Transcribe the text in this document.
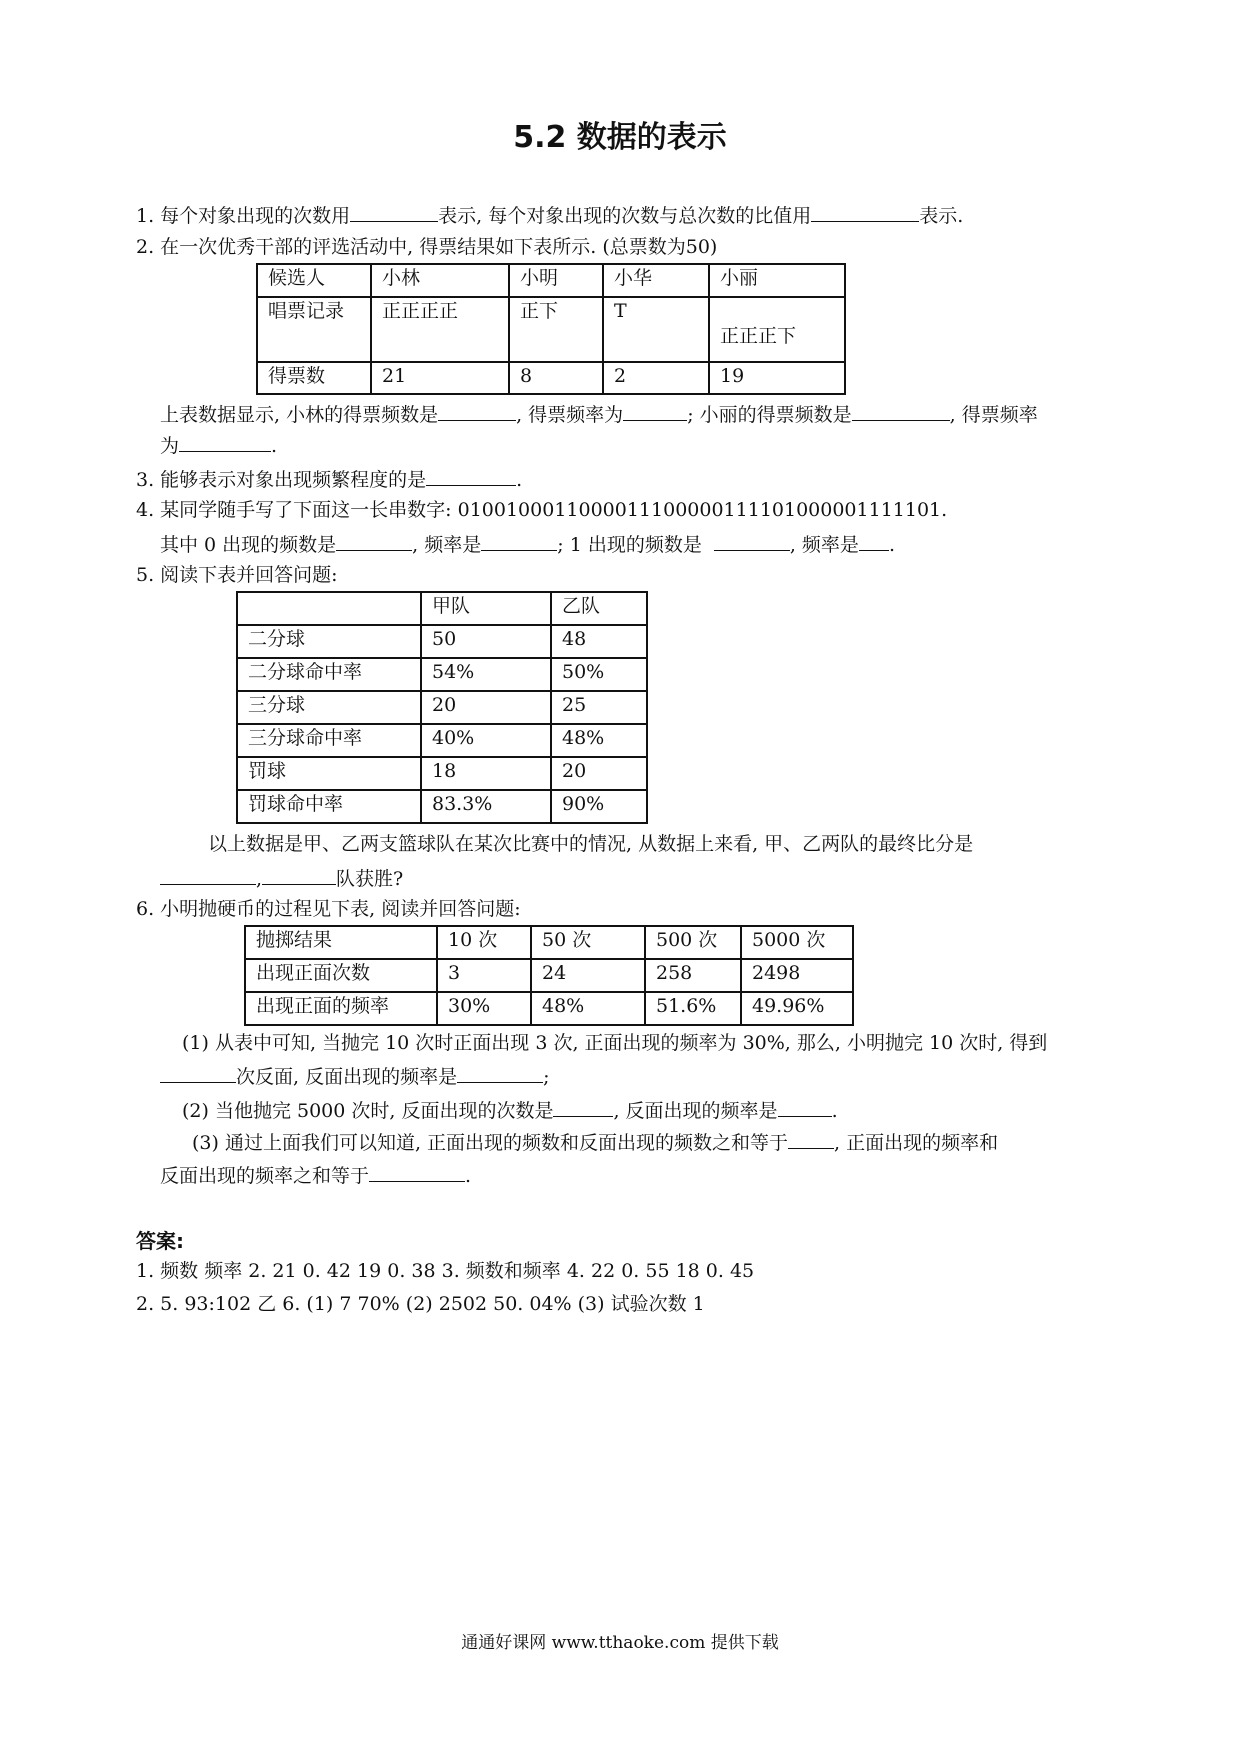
5.2 数据的表示
1. 每个对象出现的次数用	表示, 每个对象出现的次数与总次数的比值用	表示.
2. 在一次优秀干部的评选活动中, 得票结果如下表所示. (总票数为50)
候选人	小林	小明	小华	小丽
唱票记录	正正正正	正下	T	正正正下
得票数	21	8	2	19
上表数据显示, 小林的得票频数是	, 得票频率为	; 小丽的得票频数是	, 得票频率
为	.
3. 能够表示对象出现频繁程度的是	.
4. 某同学随手写了下面这一长串数字: 0100100011000011100000111101000001111101.
其中 0 出现的频数是	, 频率是	; 1 出现的频数是	, 频率是 .
5. 阅读下表并回答问题:
	甲队	乙队
二分球	50	48
二分球命中率	54%	50%
三分球	20	25
三分球命中率	40%	48%
罚球	18	20
罚球命中率	83.3%	90%
以上数据是甲、乙两支篮球队在某次比赛中的情况, 从数据上来看, 甲、乙两队的最终比分是
,	队获胜?
6. 小明抛硬币的过程见下表, 阅读并回答问题:
抛掷结果	10 次	50 次	500 次	5000 次
出现正面次数	3	24	258	2498
出现正面的频率	30%	48%	51.6%	49.96%
(1) 从表中可知, 当抛完 10 次时正面出现 3 次, 正面出现的频率为 30%, 那么, 小明抛完 10 次时, 得到
次反面, 反面出现的频率是	;
(2) 当他抛完 5000 次时, 反面出现的次数是	, 反面出现的频率是	.
(3) 通过上面我们可以知道, 正面出现的频数和反面出现的频数之和等于 , 正面出现的频率和
反面出现的频率之和等于	.
答案:
1. 频数 频率 2. 21 0. 42 19 0. 38 3. 频数和频率 4. 22 0. 55 18 0. 45
2. 5. 93:102 乙 6. (1) 7 70% (2) 2502 50. 04% (3) 试验次数 1
通通好课网 www.tthaoke.com 提供下载
